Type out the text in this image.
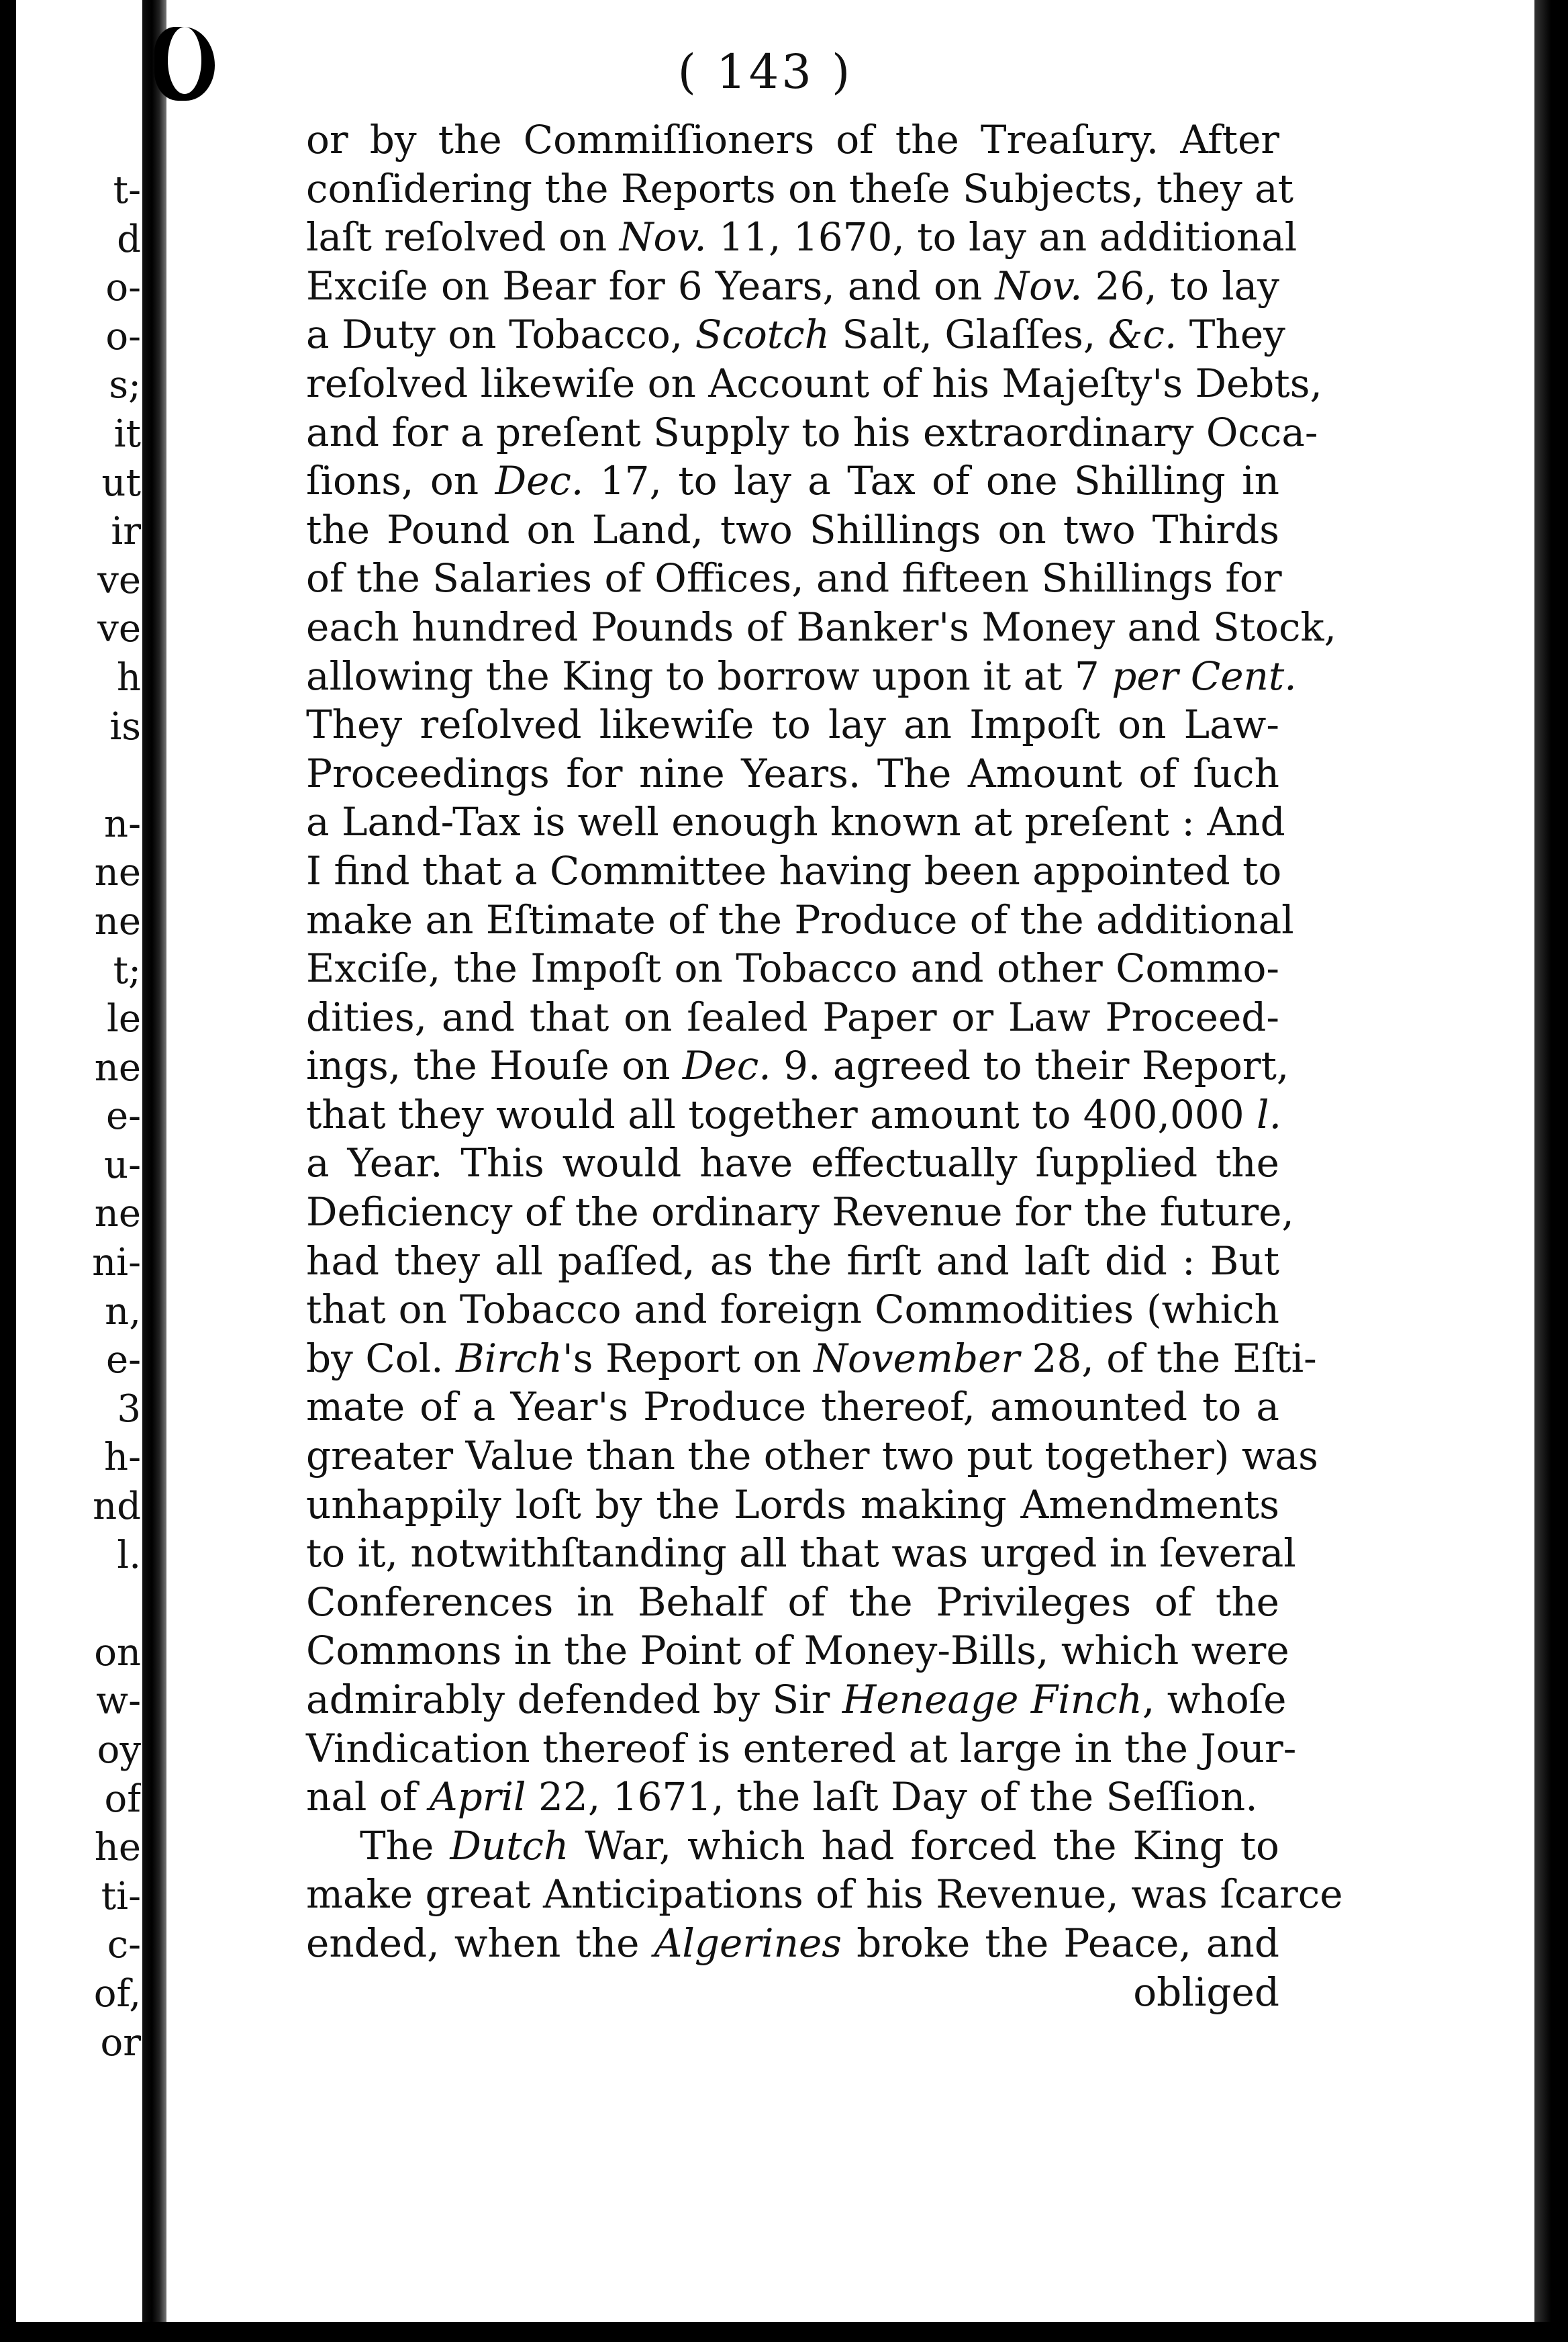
t-
d
o-
o-
s;
it
ut
ir
ve
ve
h
is
n-
ne
ne
t;
le
ne
e-
u-
ne
ni-
n,
e-
3
h-
nd
l.
on
w-
oy
of
he
ti-
c-
of,
or
( 143 )
or by the Commiſſioners of the Treaſury. After
conſidering the Reports on theſe Subjects, they at
laſt reſolved on Nov. 11, 1670, to lay an additional
Exciſe on Bear for 6 Years, and on Nov. 26, to lay
a Duty on Tobacco, Scotch Salt, Glaſſes, &c. They
reſolved likewiſe on Account of his Majeſty's Debts,
and for a preſent Supply to his extraordinary Occa-
ſions, on Dec. 17, to lay a Tax of one Shilling in
the Pound on Land, two Shillings on two Thirds
of the Salaries of Offices, and fifteen Shillings for
each hundred Pounds of Banker's Money and Stock,
allowing the King to borrow upon it at 7 per Cent.
They reſolved likewiſe to lay an Impoſt on Law-
Proceedings for nine Years. The Amount of ſuch
a Land-Tax is well enough known at preſent : And
I find that a Committee having been appointed to
make an Eſtimate of the Produce of the additional
Exciſe, the Impoſt on Tobacco and other Commo-
dities, and that on ſealed Paper or Law Proceed-
ings, the Houſe on Dec. 9. agreed to their Report,
that they would all together amount to 400,000 l.
a Year. This would have effectually ſupplied the
Deficiency of the ordinary Revenue for the future,
had they all paſſed, as the firſt and laſt did : But
that on Tobacco and foreign Commodities (which
by Col. Birch's Report on November 28, of the Eſti-
mate of a Year's Produce thereof, amounted to a
greater Value than the other two put together) was
unhappily loſt by the Lords making Amendments
to it, notwithſtanding all that was urged in ſeveral
Conferences in Behalf of the Privileges of the
Commons in the Point of Money-Bills, which were
admirably defended by Sir Heneage Finch, whoſe
Vindication thereof is entered at large in the Jour-
nal of April 22, 1671, the laſt Day of the Seſſion.
The Dutch War, which had forced the King to
make great Anticipations of his Revenue, was ſcarce
ended, when the Algerines broke the Peace, and
obliged
